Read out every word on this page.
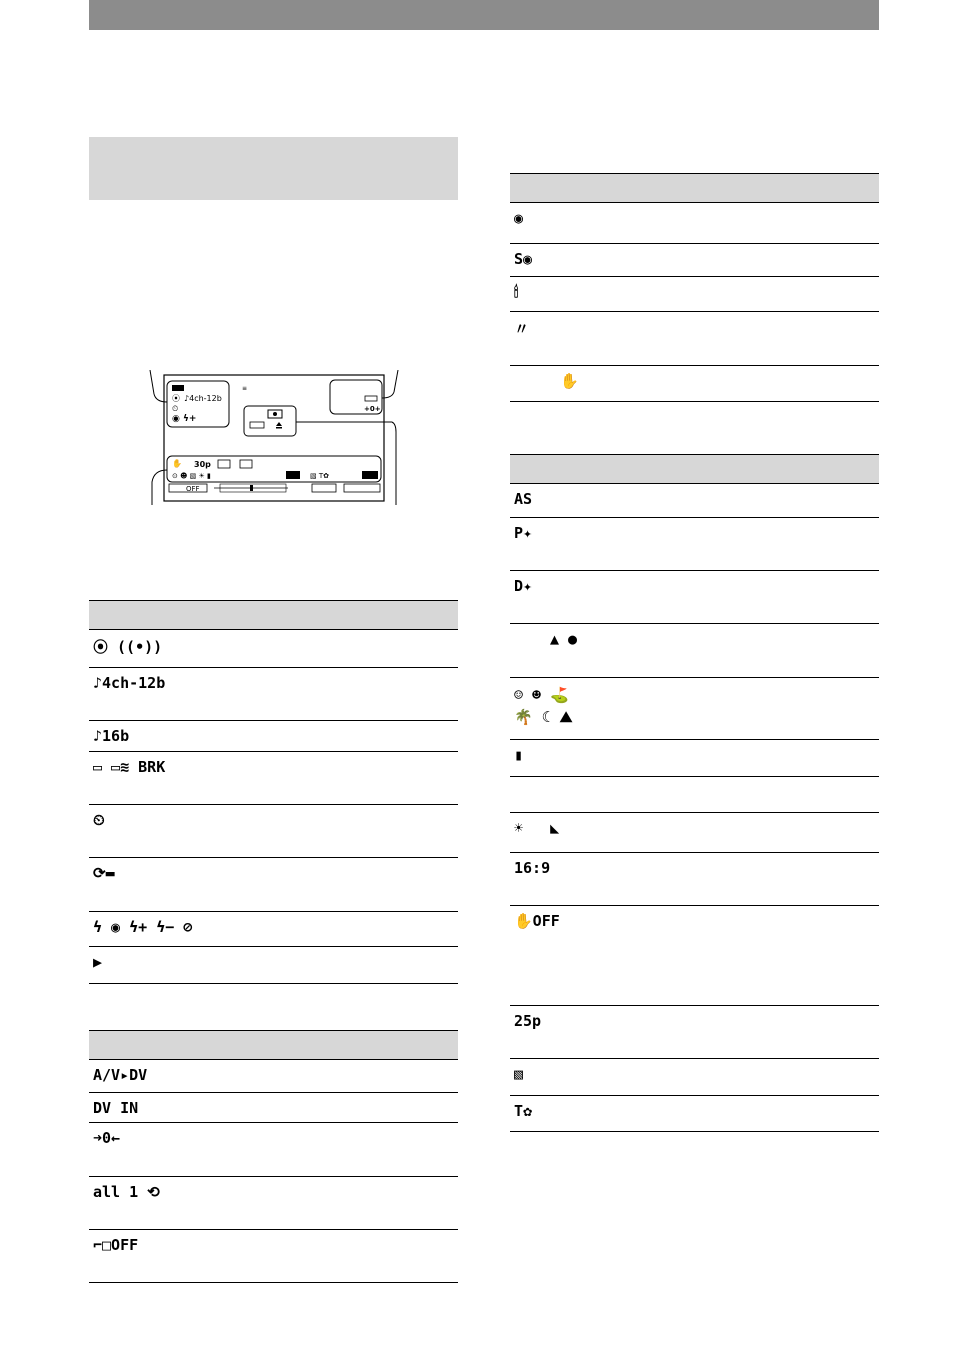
⦿ ♪4ch-12b
⏲
◉ ϟ+
≡
+0+
✋ 30p
⊙ ☻ ▧ ☀ ▮	▧ T✿
OFF

⦿ ((•))
♪4ch-12b
♪16b
▭ ▭≋ BRK
⏲
⟳▬
ϟ ◉ ϟ+ ϟ− ⊘
▶

A/V▸DV
DV IN
➜0←
all 1 ⟲
⌐□OFF

◉
S◉
🕯
〃
✋

AS
P✦
D✦
▲ ●
☺ ☻ ⛳
🌴 ☾ ⛰
▮

☀   ◣
16:9
✋OFF
25p
▧
T✿
